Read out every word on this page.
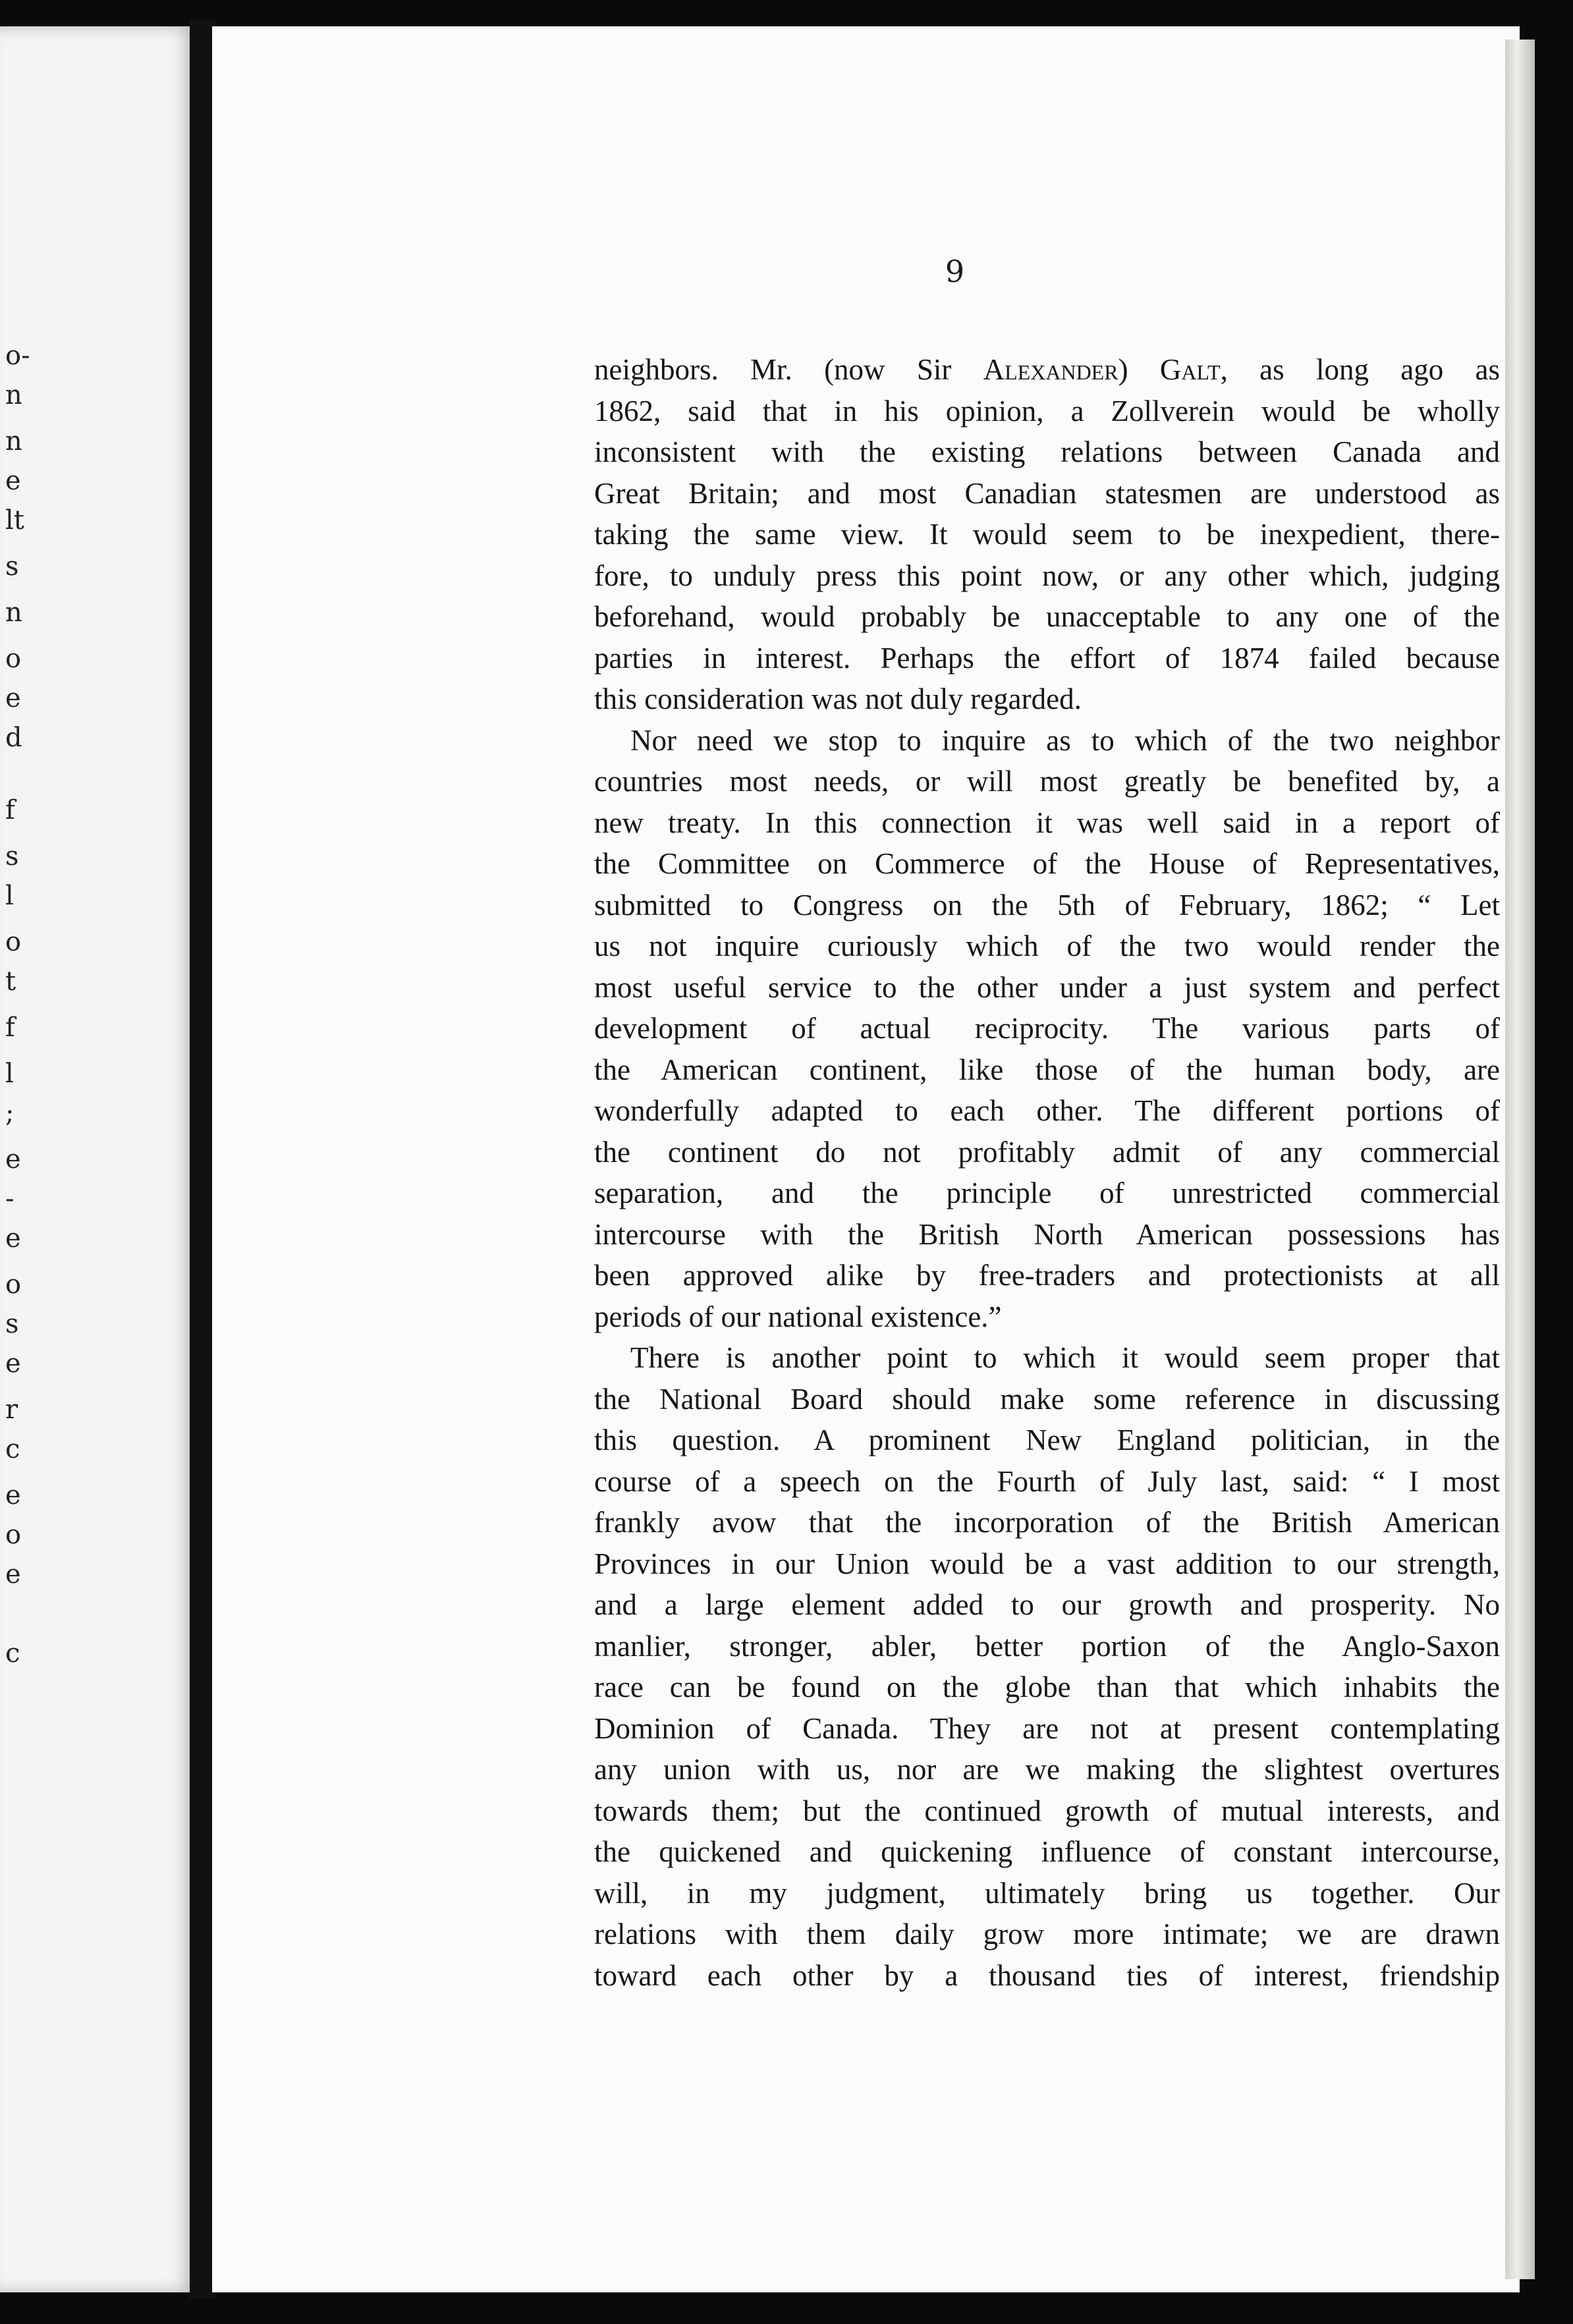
o-
n
n
e
lt
s
n
o
e
d
f
s
l
o
t
f
l
;
e
-
e
o
s
e
r
c
e
o
e
c
9
neighbors. Mr. (now Sir Alexander) Galt, as long ago as
1862, said that in his opinion, a Zollverein would be wholly
inconsistent with the existing relations between Canada and
Great Britain; and most Canadian statesmen are understood as
taking the same view. It would seem to be inexpedient, there-
fore, to unduly press this point now, or any other which, judging
beforehand, would probably be unacceptable to any one of the
parties in interest. Perhaps the effort of 1874 failed because
this consideration was not duly regarded.
Nor need we stop to inquire as to which of the two neighbor
countries most needs, or will most greatly be benefited by, a
new treaty. In this connection it was well said in a report of
the Committee on Commerce of the House of Representatives,
submitted to Congress on the 5th of February, 1862; “ Let
us not inquire curiously which of the two would render the
most useful service to the other under a just system and perfect
development of actual reciprocity. The various parts of
the American continent, like those of the human body, are
wonderfully adapted to each other. The different portions of
the continent do not profitably admit of any commercial
separation, and the principle of unrestricted commercial
intercourse with the British North American possessions has
been approved alike by free-traders and protectionists at all
periods of our national existence.”
There is another point to which it would seem proper that
the National Board should make some reference in discussing
this question. A prominent New England politician, in the
course of a speech on the Fourth of July last, said: “ I most
frankly avow that the incorporation of the British American
Provinces in our Union would be a vast addition to our strength,
and a large element added to our growth and prosperity. No
manlier, stronger, abler, better portion of the Anglo-Saxon
race can be found on the globe than that which inhabits the
Dominion of Canada. They are not at present contemplating
any union with us, nor are we making the slightest overtures
towards them; but the continued growth of mutual interests, and
the quickened and quickening influence of constant intercourse,
will, in my judgment, ultimately bring us together. Our
relations with them daily grow more intimate; we are drawn
toward each other by a thousand ties of interest, friendship
